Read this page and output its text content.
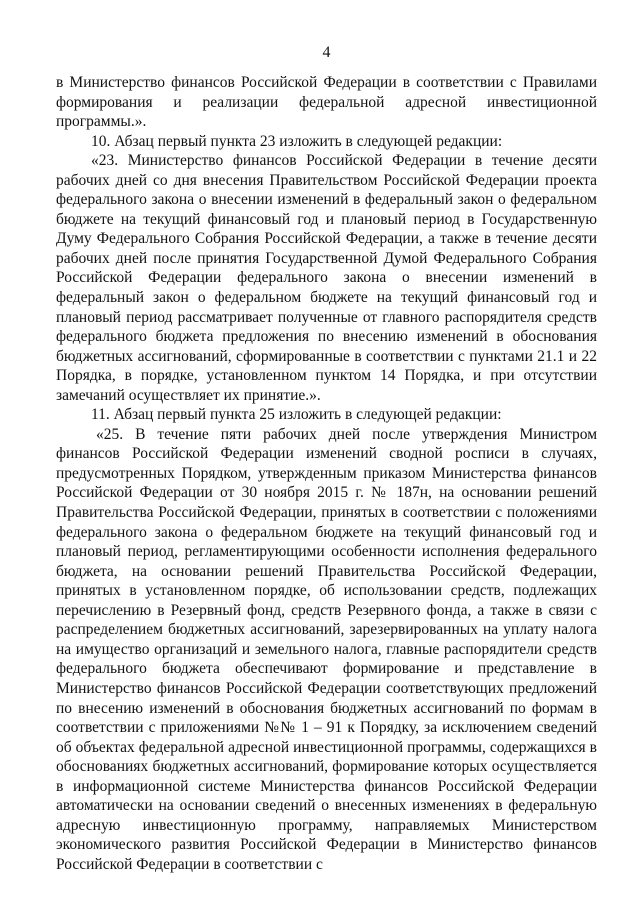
4

в Министерство финансов Российской Федерации в соответствии с Правилами формирования и реализации федеральной адресной инвестиционной программы.».

10. Абзац первый пункта 23 изложить в следующей редакции:

«23. Министерство финансов Российской Федерации в течение десяти рабочих дней со дня внесения Правительством Российской Федерации проекта федерального закона о внесении изменений в федеральный закон о федеральном бюджете на текущий финансовый год и плановый период в Государственную Думу Федерального Собрания Российской Федерации, а также в течение десяти рабочих дней после принятия Государственной Думой Федерального Собрания Российской Федерации федерального закона о внесении изменений в федеральный закон о федеральном бюджете на текущий финансовый год и плановый период рассматривает полученные от главного распорядителя средств федерального бюджета предложения по внесению изменений в обоснования бюджетных ассигнований, сформированные в соответствии с пунктами 21.1 и 22 Порядка, в порядке, установленном пунктом 14 Порядка, и при отсутствии замечаний осуществляет их принятие.».

11. Абзац первый пункта 25 изложить в следующей редакции:

«25. В течение пяти рабочих дней после утверждения Министром финансов Российской Федерации изменений сводной росписи в случаях, предусмотренных Порядком, утвержденным приказом Министерства финансов Российской Федерации от 30 ноября 2015 г. № 187н, на основании решений Правительства Российской Федерации, принятых в соответствии с положениями федерального закона о федеральном бюджете на текущий финансовый год и плановый период, регламентирующими особенности исполнения федерального бюджета, на основании решений Правительства Российской Федерации, принятых в установленном порядке, об использовании средств, подлежащих перечислению в Резервный фонд, средств Резервного фонда, а также в связи с распределением бюджетных ассигнований, зарезервированных на уплату налога на имущество организаций и земельного налога, главные распорядители средств федерального бюджета обеспечивают формирование и представление в Министерство финансов Российской Федерации соответствующих предложений по внесению изменений в обоснования бюджетных ассигнований по формам в соответствии с приложениями №№ 1 – 91 к Порядку, за исключением сведений об объектах федеральной адресной инвестиционной программы, содержащихся в обоснованиях бюджетных ассигнований, формирование которых осуществляется в информационной системе Министерства финансов Российской Федерации автоматически на основании сведений о внесенных изменениях в федеральную адресную инвестиционную программу, направляемых Министерством экономического развития Российской Федерации в Министерство финансов Российской Федерации в соответствии с
